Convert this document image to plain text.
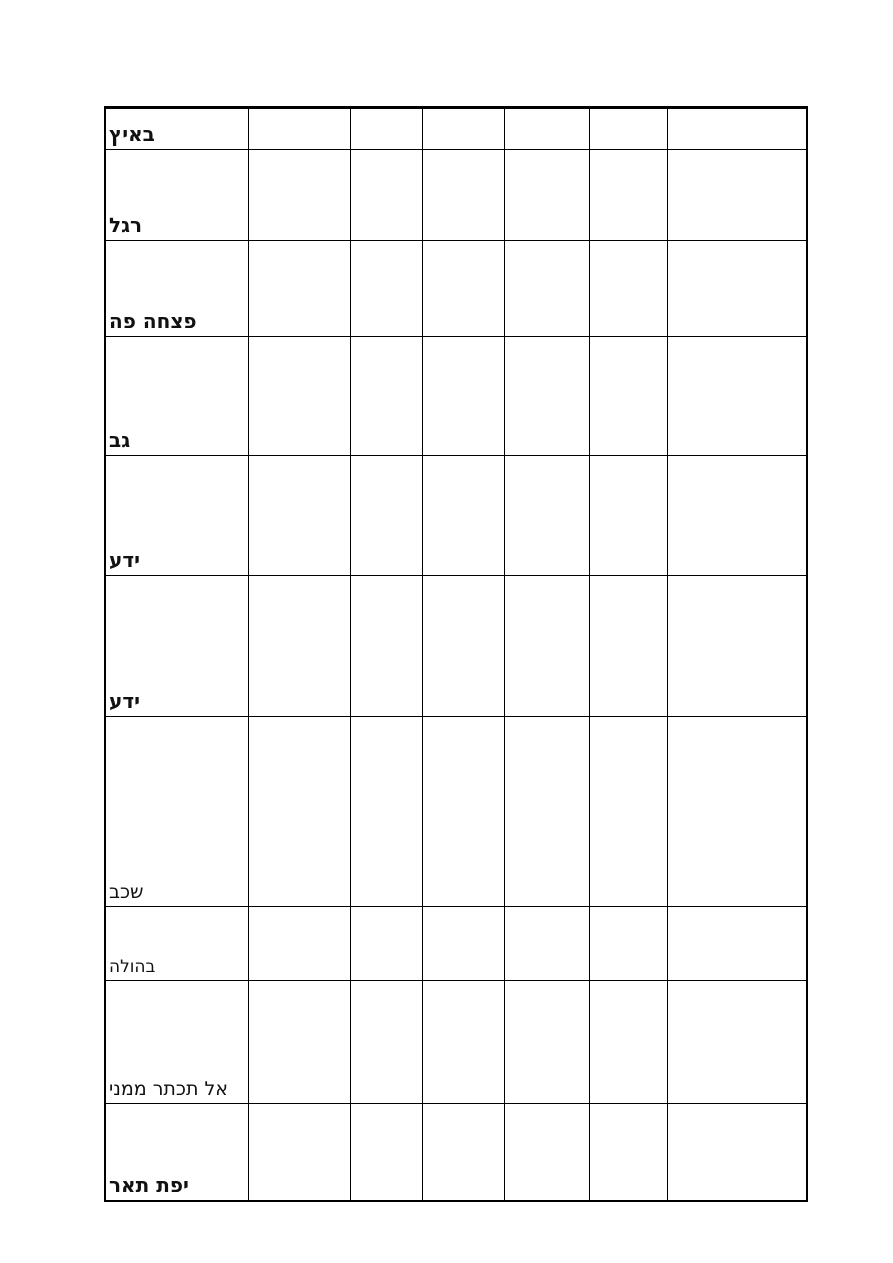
באיץ						
רגל						
פצחה פה						
גב						
ידע						
ידע						
שכב						
בהולה						
אל תכתר ממני						
יפת תאר						
